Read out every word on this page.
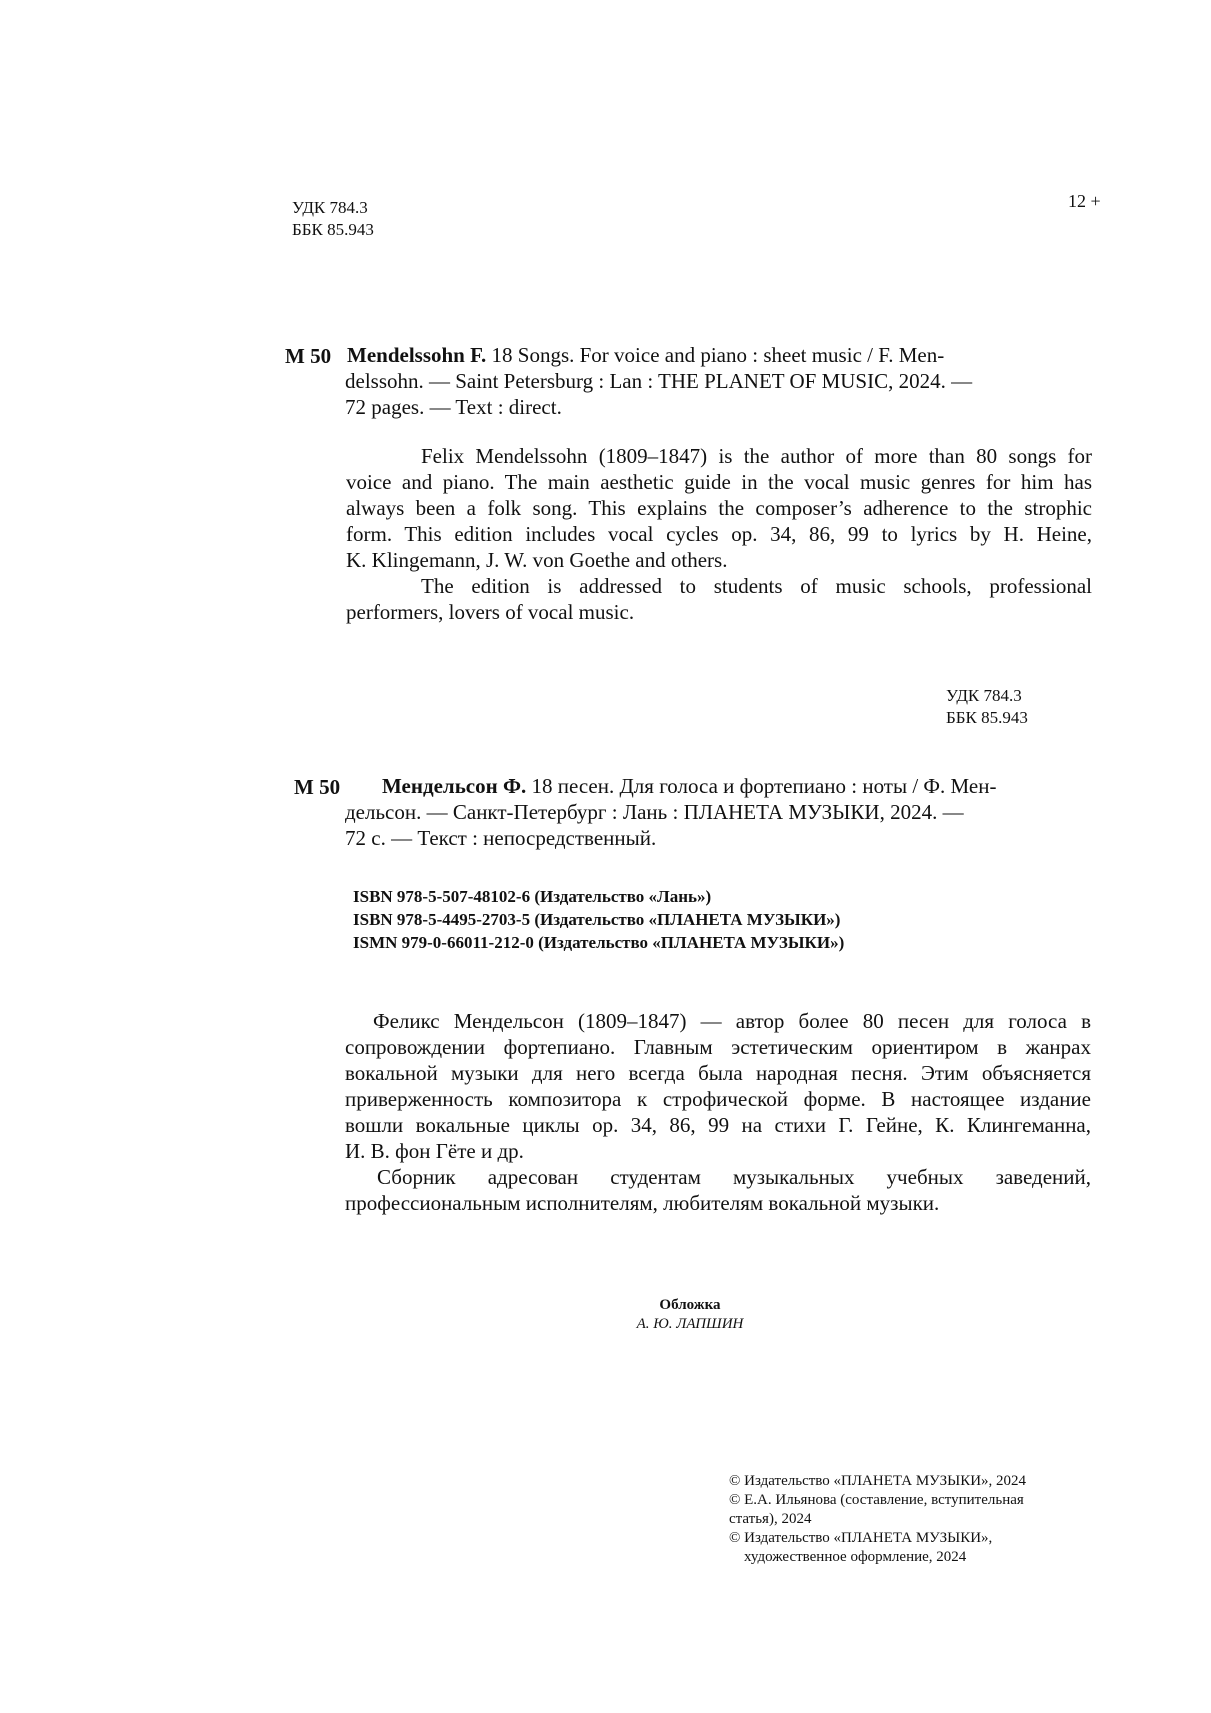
УДК 784.3
ББК 85.943
12 +
М 50 Mendelssohn F. 18 Songs. For voice and piano : sheet music / F. Men-
delssohn. — Saint Petersburg : Lan : THE PLANET OF MUSIC, 2024. —
72 pages. — Text : direct.
Felix Mendelssohn (1809–1847) is the author of more than 80 songs for
voice and piano. The main aesthetic guide in the vocal music genres for him has
always been a folk song. This explains the composer’s adherence to the strophic
form. This edition includes vocal cycles op. 34, 86, 99 to lyrics by H. Heine,
K. Klingemann, J. W. von Goethe and others.
The edition is addressed to students of music schools, professional
performers, lovers of vocal music.
УДК 784.3
ББК 85.943
М 50 Мендельсон Ф. 18 песен. Для голоса и фортепиано : ноты / Ф. Мен-
дельсон. — Санкт-Петербург : Лань : ПЛАНЕТА МУЗЫКИ, 2024. —
72 с. — Текст : непосредственный.
ISBN 978-5-507-48102-6 (Издательство «Лань»)
ISBN 978-5-4495-2703-5 (Издательство «ПЛАНЕТА МУЗЫКИ»)
ISMN 979-0-66011-212-0 (Издательство «ПЛАНЕТА МУЗЫКИ»)
Феликс Мендельсон (1809–1847) — автор более 80 песен для голоса в
сопровождении фортепиано. Главным эстетическим ориентиром в жанрах
вокальной музыки для него всегда была народная песня. Этим объясняется
приверженность композитора к строфической форме. В настоящее издание
вошли вокальные циклы ор. 34, 86, 99 на стихи Г. Гейне, К. Клингеманна,
И. В. фон Гёте и др.
Сборник адресован студентам музыкальных учебных заведений,
профессиональным исполнителям, любителям вокальной музыки.
Обложка
А. Ю. ЛАПШИН
© Издательство «ПЛАНЕТА МУЗЫКИ», 2024
© Е.А. Ильянова (составление, вступительная
статья), 2024
© Издательство «ПЛАНЕТА МУЗЫКИ»,
художественное оформление, 2024
